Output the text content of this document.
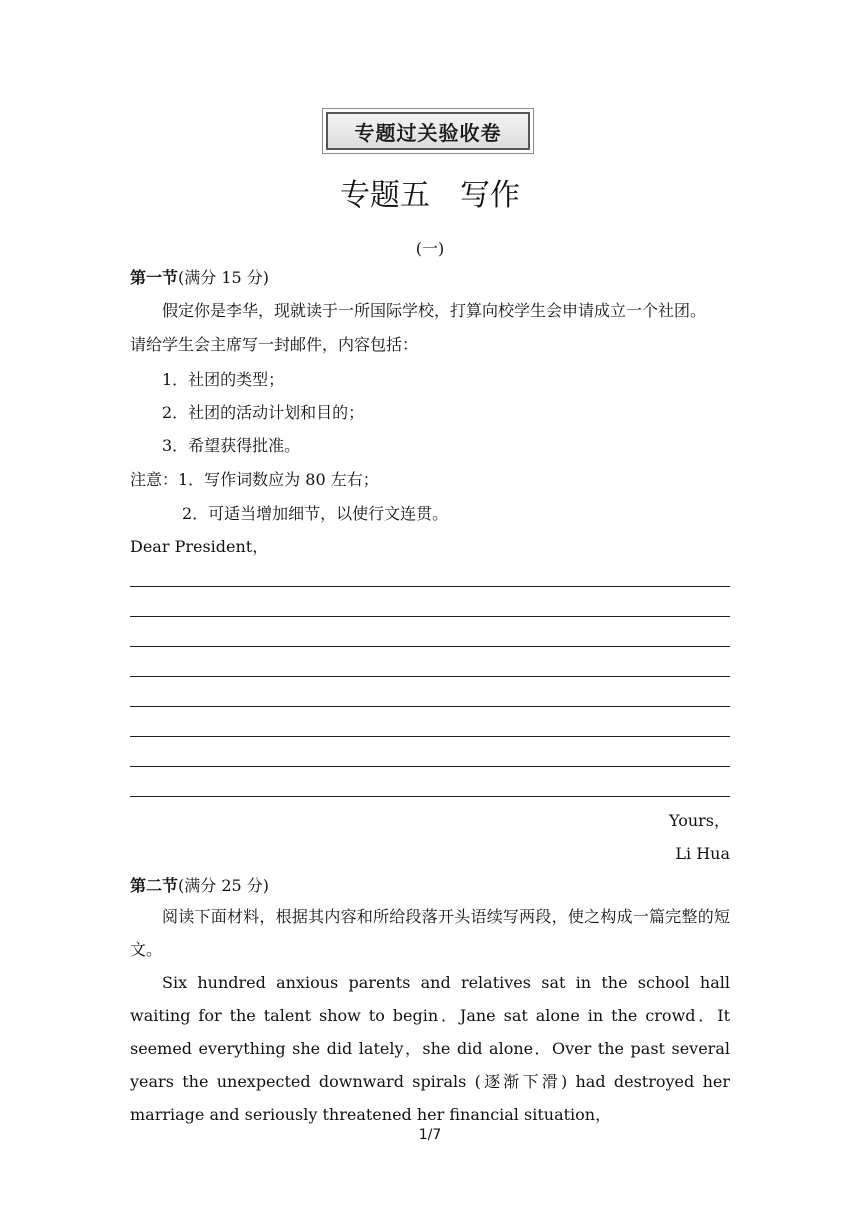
专题过关验收卷
专题五　写作
(一)
第一节(满分 15 分)
假定你是李华，现就读于一所国际学校，打算向校学生会申请成立一个社团。
请给学生会主席写一封邮件，内容包括：
1．社团的类型；
2．社团的活动计划和目的；
3．希望获得批准。
注意：1．写作词数应为 80 左右；
2．可适当增加细节，以使行文连贯。
Dear President，
Yours，
Li Hua
第二节(满分 25 分)
阅读下面材料，根据其内容和所给段落开头语续写两段，使之构成一篇完整的短文。
Six hundred anxious parents and relatives sat in the school hall waiting for the talent show to begin．Jane sat alone in the crowd．It seemed everything she did lately，she did alone．Over the past several years the unexpected downward spirals (逐渐下滑) had destroyed her marriage and seriously threatened her financial situation，
1/7
